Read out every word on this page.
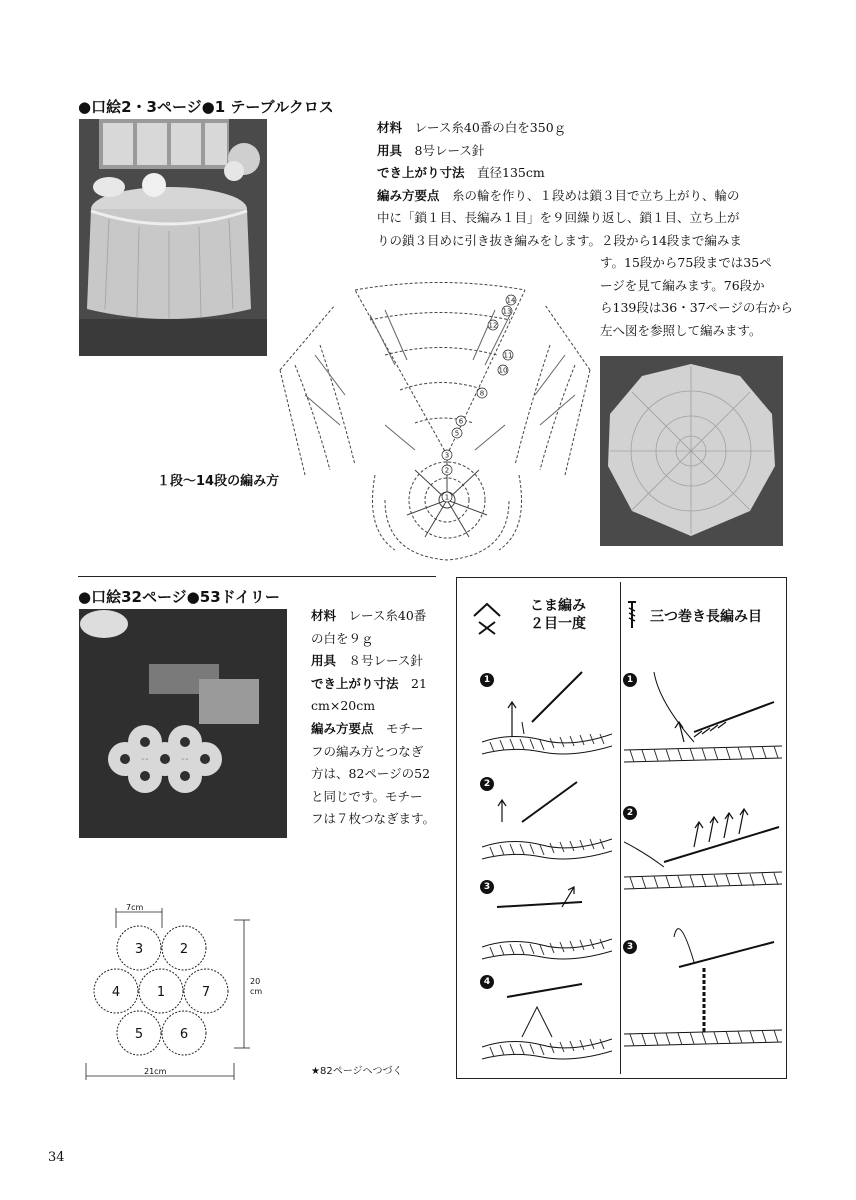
●口絵2・3ページ●1 テーブルクロス
材料　 レース糸40番の白を350ｇ
用具　 8号レース針
でき上がり寸法　 直径135cm
編み方要点　 糸の輪を作り、１段めは鎖３目で立ち上がり、輪の
中に「鎖１目、長編み１目」を９回繰り返し、鎖１目、立ち上が
りの鎖３目めに引き抜き編みをします。２段から14段まで編みま
す。15段から75段までは35ペ
ージを見て編みます。76段か
ら139段は36・37ページの右から
左へ図を参照して編みます。
1
2
3
5
6
8
10
11
12
13
14
１段〜14段の編み方
●口絵32ページ●53ドイリー
材料　 レース糸40番
の白を９ｇ
用具　 ８号レース針
でき上がり寸法　 21
cm×20cm
編み方要点　 モチー
フの編み方とつなぎ
方は、82ページの52
と同じです。モチー
フは７枚つなぎます。
3	2
4	1	7
5	6
7cm
20
cm
21cm	★82ページへつづく
こま編み
２目一度	三つ巻き長編み目
1
2
3
4
1
2
3
34
